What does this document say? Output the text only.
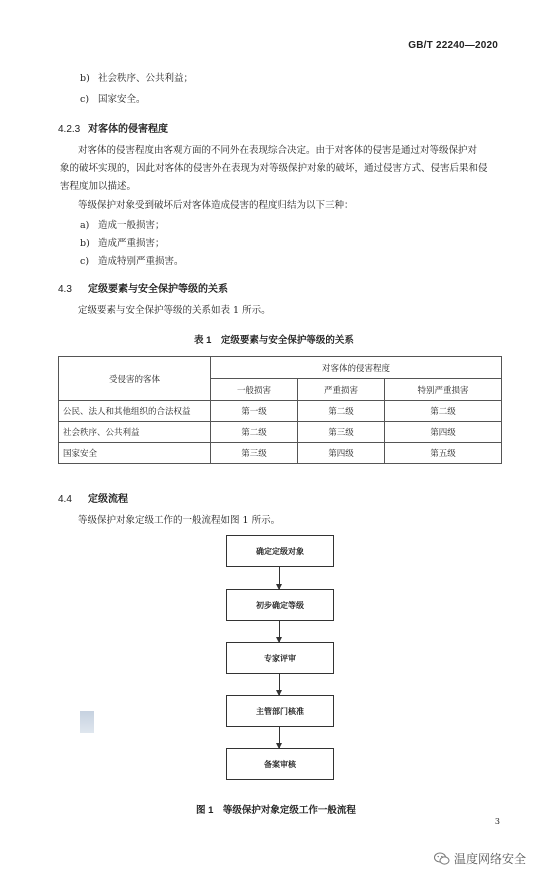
GB/T 22240—2020
b) 社会秩序、公共利益；
c) 国家安全。
4.2.3 对客体的侵害程度
对客体的侵害程度由客观方面的不同外在表现综合决定。由于对客体的侵害是通过对等级保护对
象的破坏实现的，因此对客体的侵害外在表现为对等级保护对象的破坏，通过侵害方式、侵害后果和侵
害程度加以描述。
等级保护对象受到破坏后对客体造成侵害的程度归结为以下三种：
a) 造成一般损害；
b) 造成严重损害；
c) 造成特别严重损害。
4.3 定级要素与安全保护等级的关系
定级要素与安全保护等级的关系如表 1 所示。
表 1　定级要素与安全保护等级的关系
受侵害的客体	对客体的侵害程度		
	一般损害	严重损害	特别严重损害
公民、法人和其他组织的合法权益	第一级	第二级	第二级
社会秩序、公共利益	第二级	第三级	第四级
国家安全	第三级	第四级	第五级
4.4 定级流程
等级保护对象定级工作的一般流程如图 1 所示。
确定定级对象
初步确定等级
专家评审
主管部门核准
备案审核
图 1　等级保护对象定级工作一般流程
3
温度网络安全
